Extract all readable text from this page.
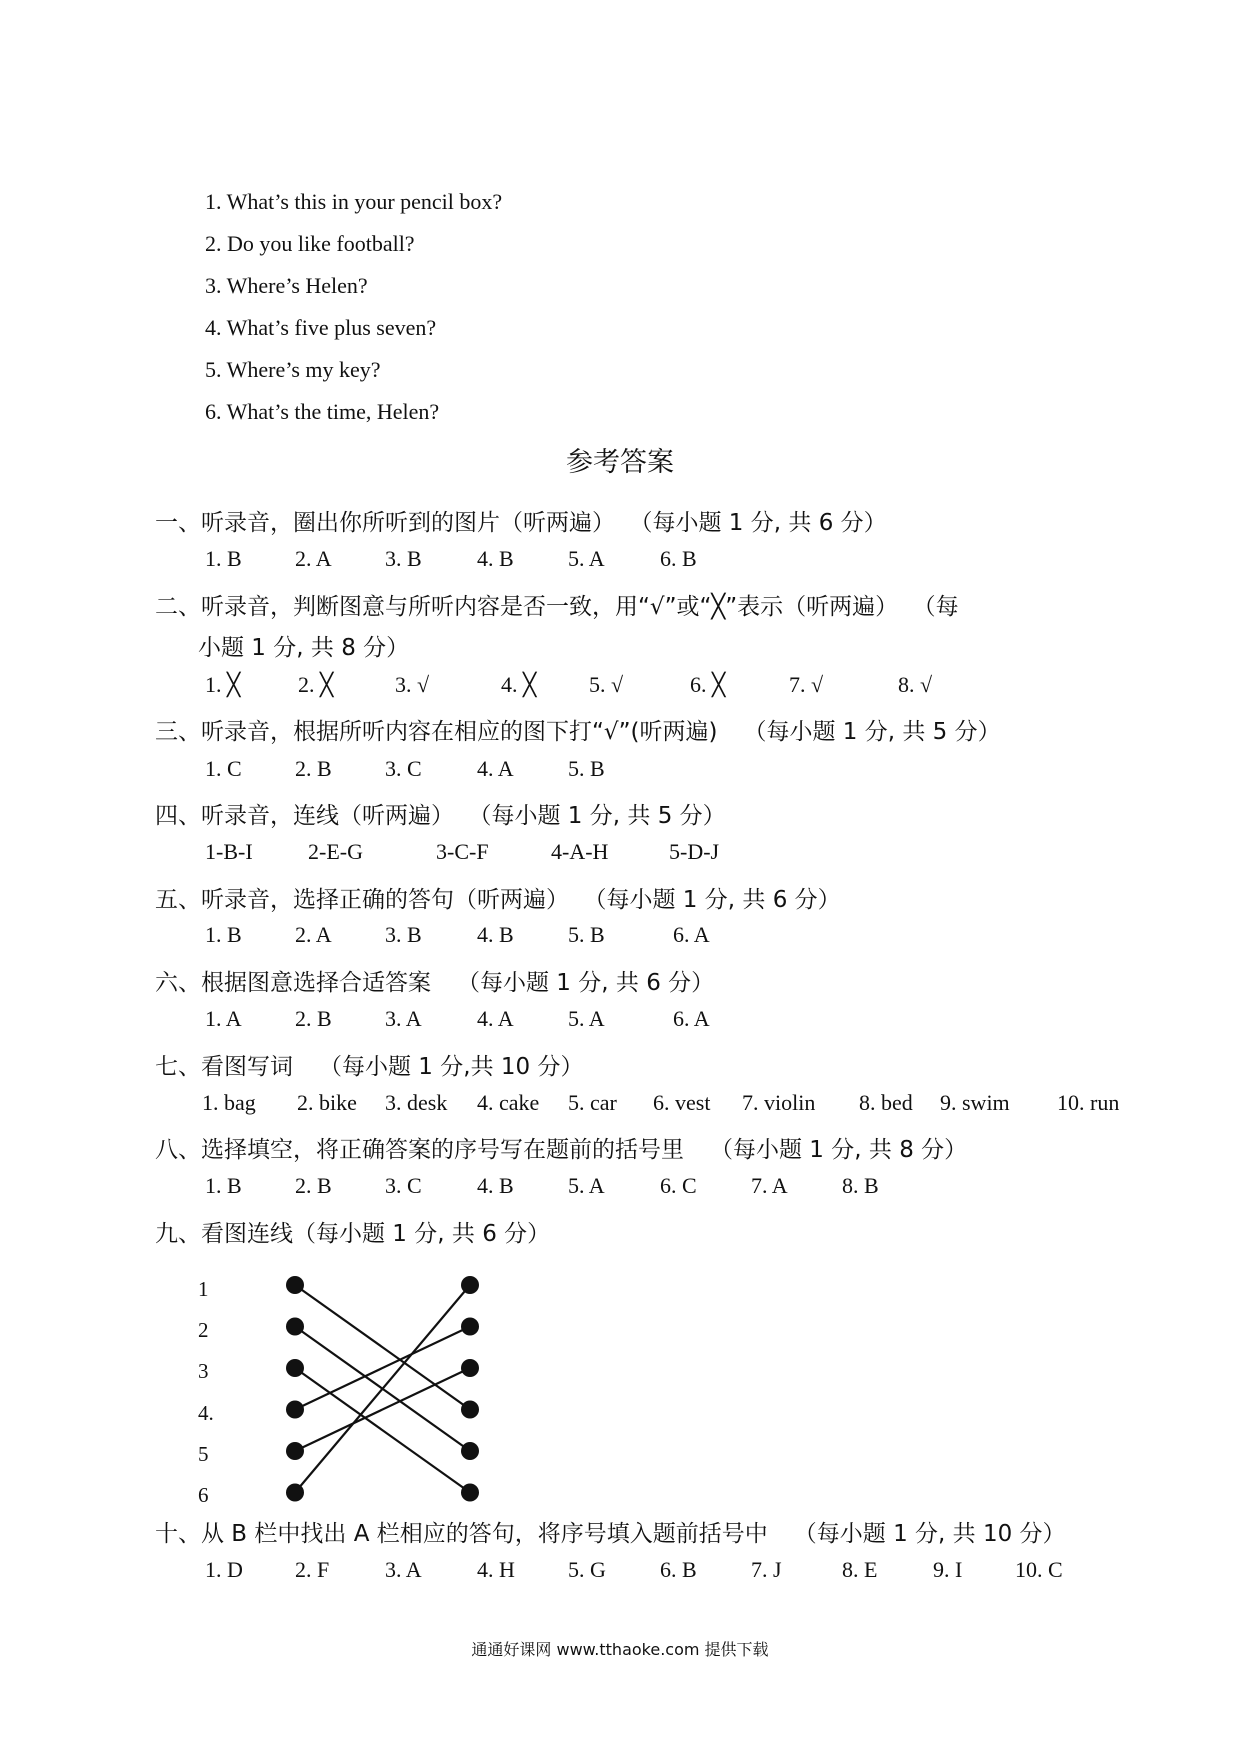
1. What’s this in your pencil box?
2. Do you like football?
3. Where’s Helen?
4. What’s five plus seven?
5. Where’s my key?
6. What’s the time, Helen?
参考答案
一、听录音，圈出你所听到的图片（听两遍） （每小题 1 分, 共 6 分）
1. B 2. A 3. B	4. B 5. A	6. B
二、听录音，判断图意与所听内容是否一致，用“√”或“╳”表示（听两遍） （每
小题 1 分, 共 8 分）
1. ╳	2. ╳	3. √	4. ╳ 5. √	6. ╳	7. √	8. √
三、听录音，根据所听内容在相应的图下打“√”(听两遍) （每小题 1 分, 共 5 分）
1. C 2. B 3. C	4. A 5. B
四、听录音，连线（听两遍） （每小题 1 分, 共 5 分）
1-B-I	2-E-G	3-C-F	4-A-H	5-D-J
五、听录音，选择正确的答句（听两遍） （每小题 1 分, 共 6 分）
1. B 2. A 3. B	4. B 5. B	6. A
六、根据图意选择合适答案 （每小题 1 分, 共 6 分）
1. A 2. B 3. A	4. A 5. A	6. A
七、看图写词 （每小题 1 分,共 10 分）
1. bag 2. bike 3. desk 4. cake 5. car 6. vest 7. violin 8. bed 9. swim 10. run
八、选择填空，将正确答案的序号写在题前的括号里 （每小题 1 分, 共 8 分）
1. B 2. B 3. C	4. B 5. A	6. C 7. A 8. B
九、看图连线（每小题 1 分, 共 6 分）
1
2
3
4.
5
6
十、从 B 栏中找出 A 栏相应的答句，将序号填入题前括号中 （每小题 1 分, 共 10 分）
1. D 2. F	3. A	4. H 5. G 6. B 7. J	8. E	9. I 10. C
通通好课网 www.tthaoke.com 提供下载
